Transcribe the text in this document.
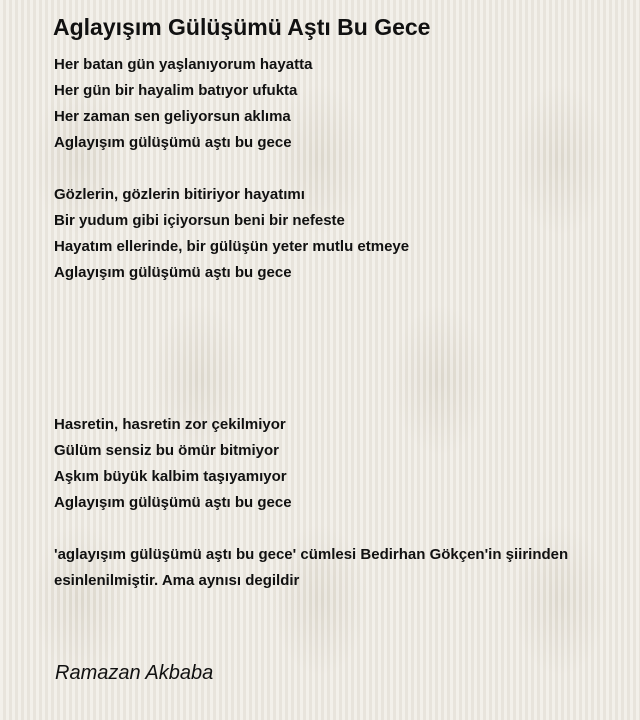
Aglayışım Gülüşümü Aştı Bu Gece
Her batan gün yaşlanıyorum hayatta
Her gün bir hayalim batıyor ufukta
Her zaman sen geliyorsun aklıma
Aglayışım gülüşümü aştı bu gece
Gözlerin, gözlerin bitiriyor hayatımı
Bir yudum gibi içiyorsun beni bir nefeste
Hayatım ellerinde, bir gülüşün yeter mutlu etmeye
Aglayışım gülüşümü aştı bu gece
Hasretin, hasretin zor çekilmiyor
Gülüm sensiz bu ömür bitmiyor
Aşkım büyük kalbim taşıyamıyor
Aglayışım gülüşümü aştı bu gece
'aglayışım gülüşümü aştı bu gece' cümlesi Bedirhan Gökçen'in şiirinden
esinlenilmiştir. Ama aynısı degildir
Ramazan Akbaba
